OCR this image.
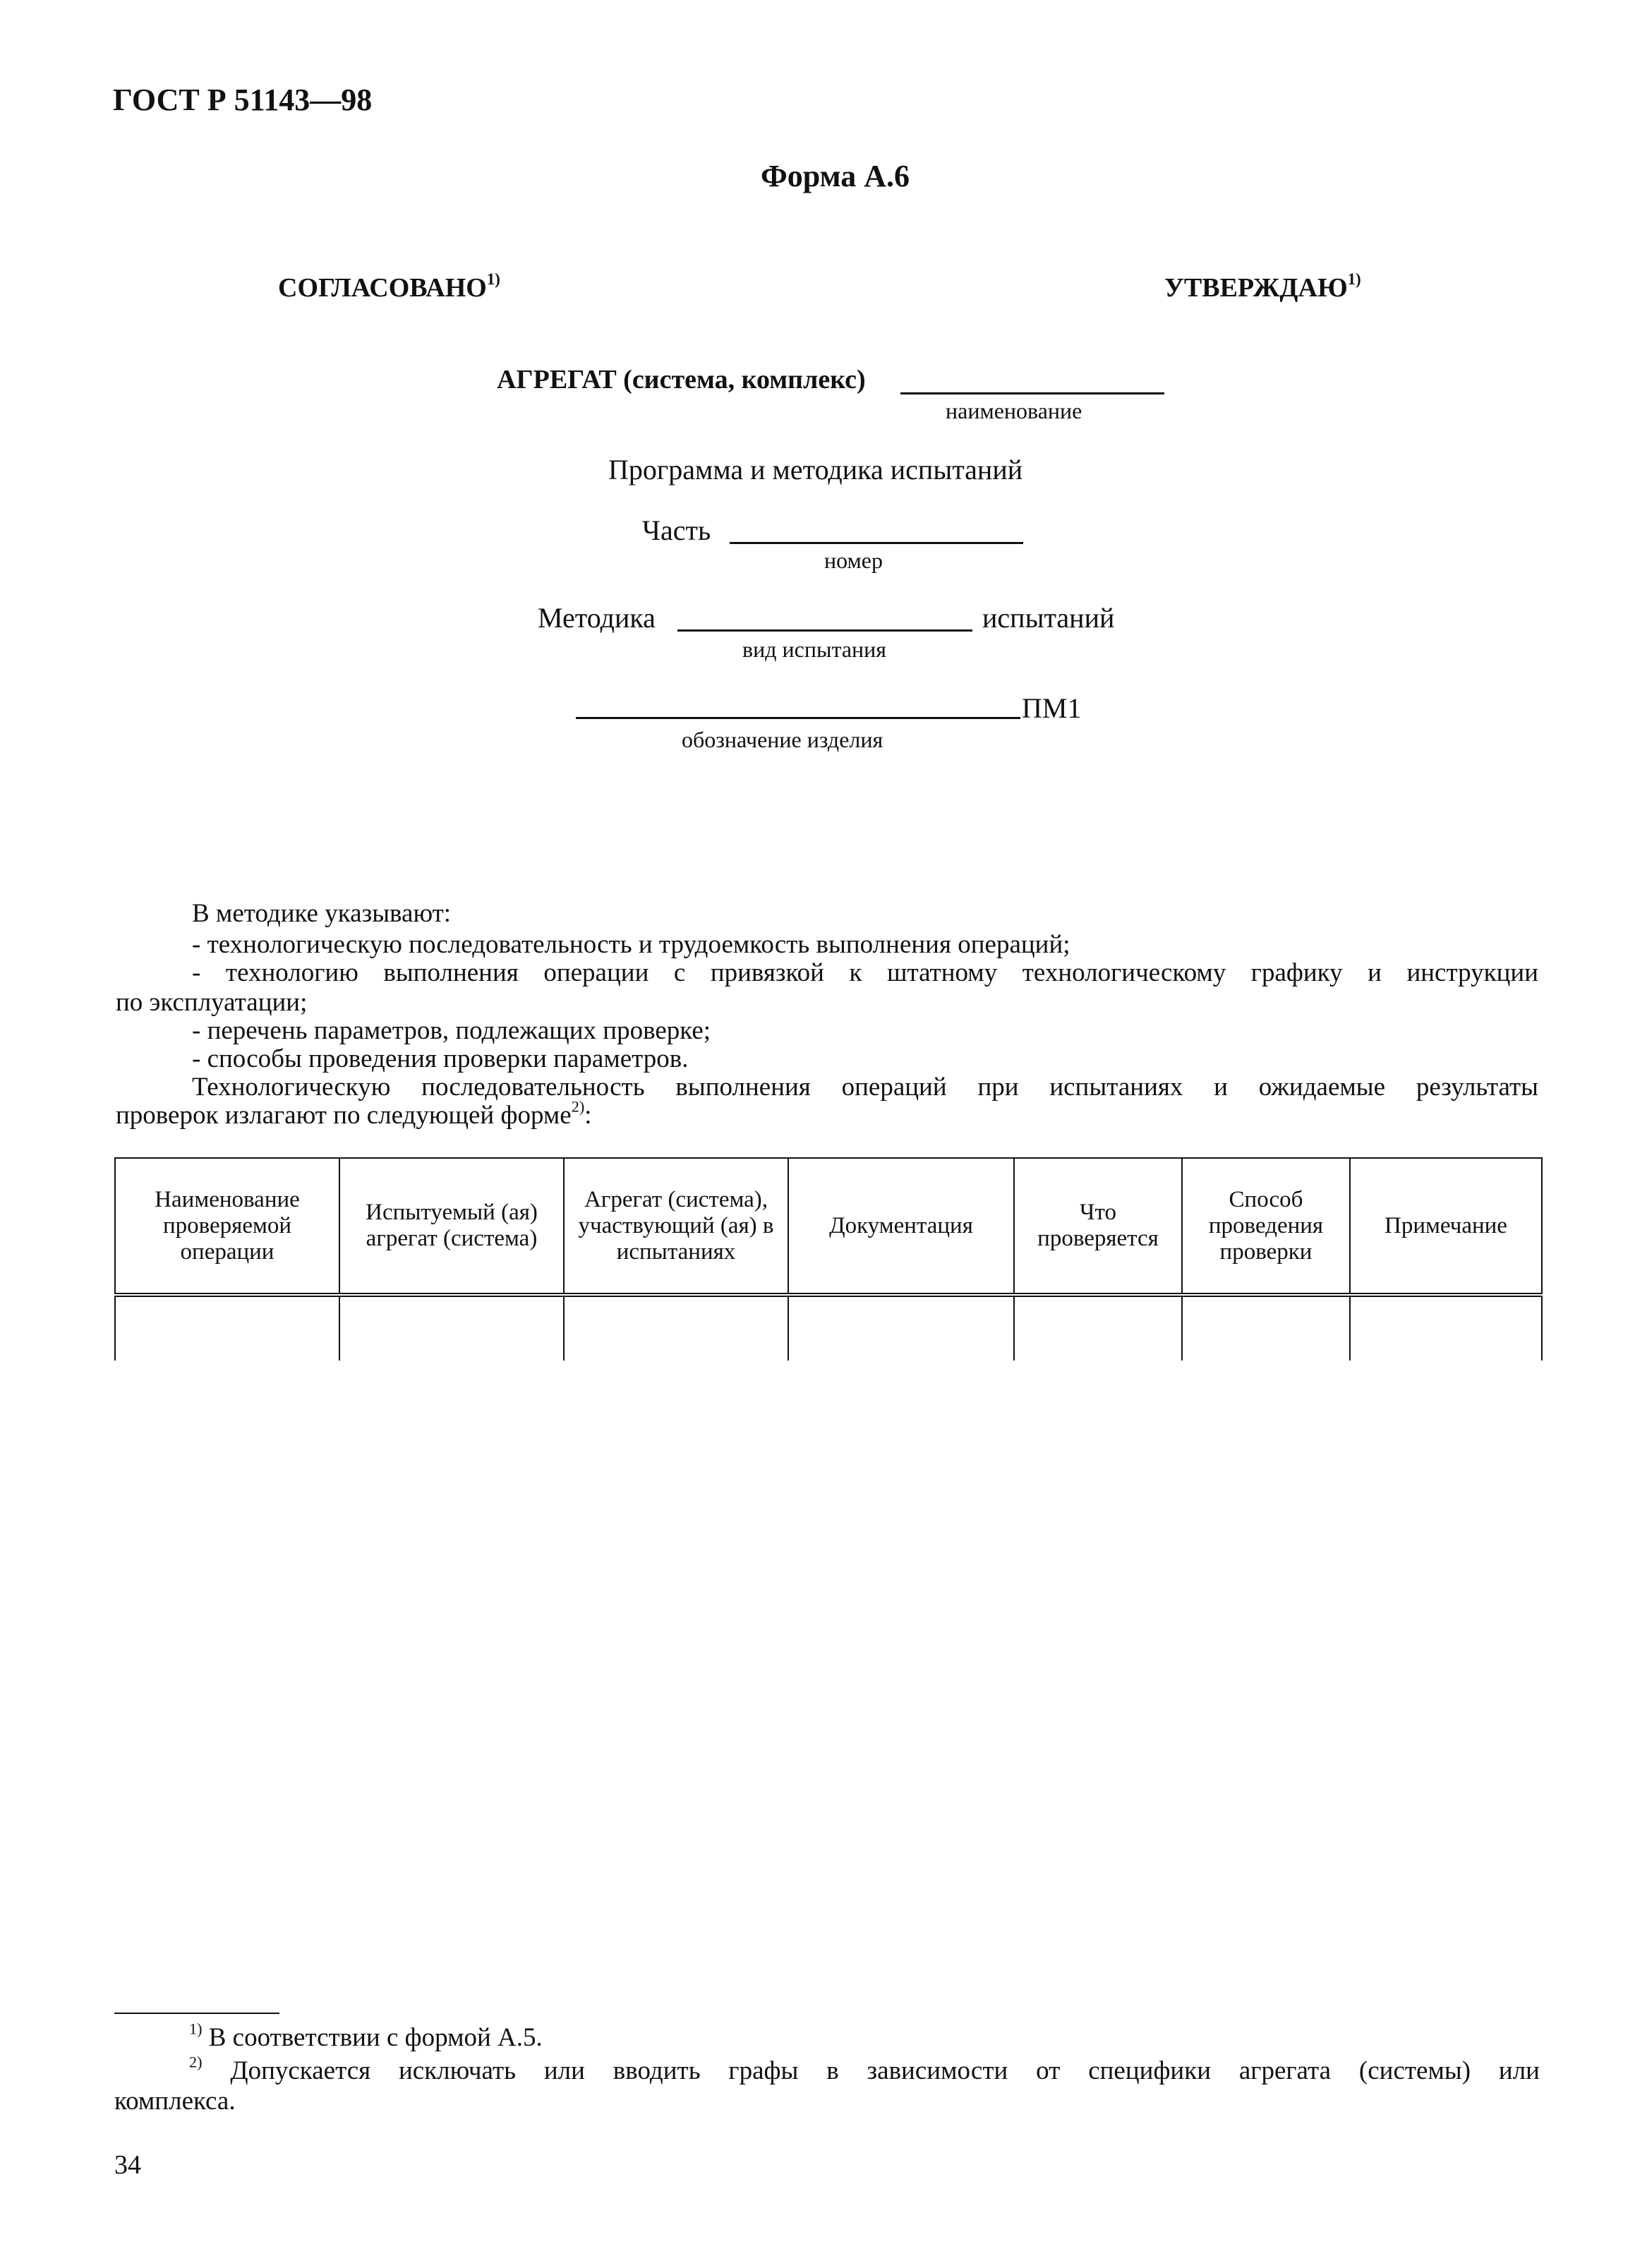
ГОСТ Р 51143—98
Форма А.6
СОГЛАСОВАНО$^{1)}$	УТВЕРЖДАЮ$^{1)}$
АГРЕГАТ (система, комплекс)
наименование
Программа и методика испытаний
Часть
номер
Методика	испытаний
вид испытания
ПМ1
обозначение изделия
В методике указывают:
- технологическую последовательность и трудоемкость выполнения операций;
- технологию выполнения операции с привязкой к штатному технологическому графику и инструкции
по эксплуатации;
- перечень параметров, подлежащих проверке;
- способы проведения проверки параметров.
Технологическую последовательность выполнения операций при испытаниях и ожидаемые результаты
проверок излагают по следующей форме$^{2)}$:
Наименование проверяемой операции	Испытуемый (ая) агрегат (система)	Агрегат (система), участвующий (ая) в испытаниях	Документация	Что проверяется	Способ проведения проверки	Примечание

$^{1)}$ В соответствии с формой А.5.
$^{2)}$ Допускается исключать или вводить графы в зависимости от специфики агрегата (системы) или
комплекса.
34
